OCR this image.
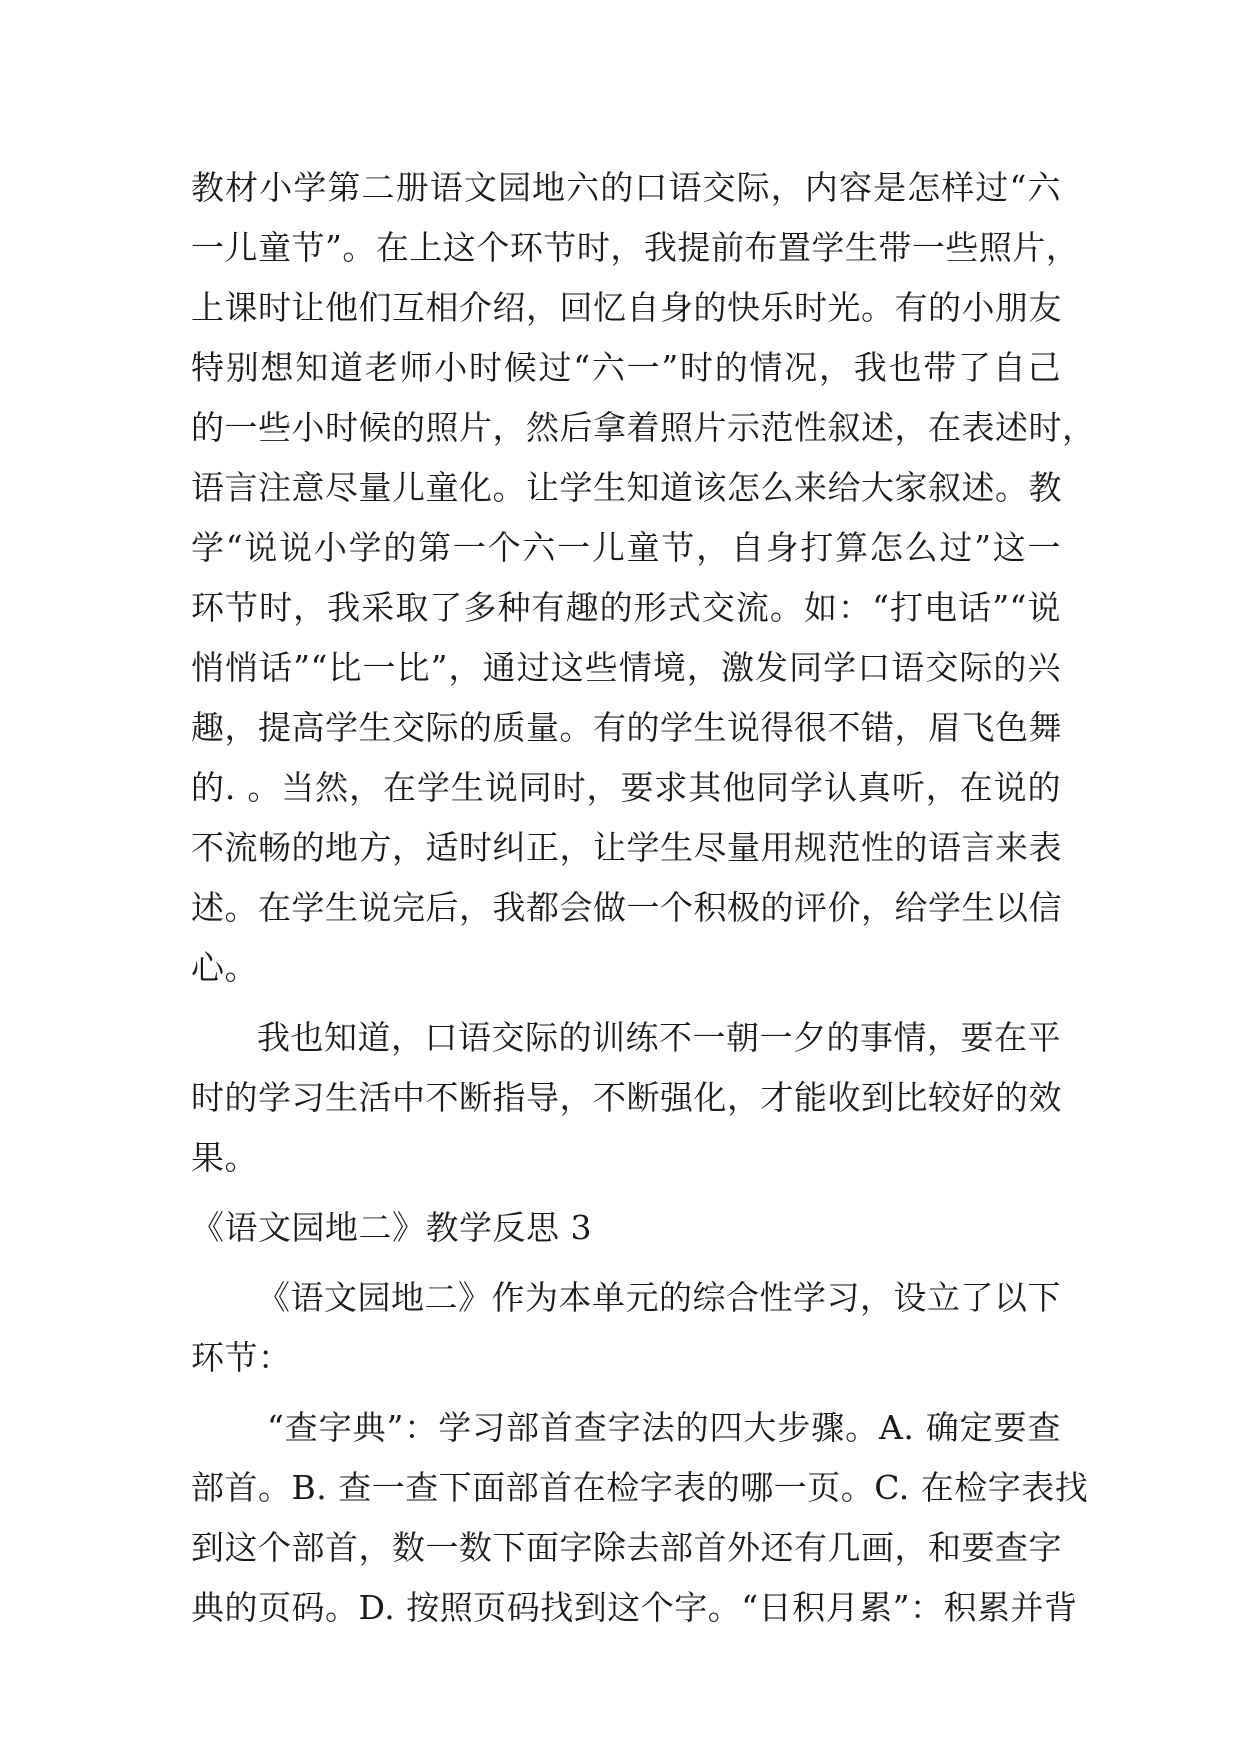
教材小学第二册语文园地六的口语交际，内容是怎样过“六
一儿童节”。在上这个环节时，我提前布置学生带一些照片，
上课时让他们互相介绍，回忆自身的快乐时光。有的小朋友
特别想知道老师小时候过“六一”时的情况，我也带了自己
的一些小时候的照片，然后拿着照片示范性叙述，在表述时，
语言注意尽量儿童化。让学生知道该怎么来给大家叙述。教
学“说说小学的第一个六一儿童节，自身打算怎么过”这一
环节时，我采取了多种有趣的形式交流。如：“打电话”“说
悄悄话”“比一比”，通过这些情境，激发同学口语交际的兴
趣，提高学生交际的质量。有的学生说得很不错，眉飞色舞
的. 。当然，在学生说同时，要求其他同学认真听，在说的
不流畅的地方，适时纠正，让学生尽量用规范性的语言来表
述。在学生说完后，我都会做一个积极的评价，给学生以信
心。
我也知道，口语交际的训练不一朝一夕的事情，要在平
时的学习生活中不断指导，不断强化，才能收到比较好的效
果。
《语文园地二》教学反思 3
《语文园地二》作为本单元的综合性学习，设立了以下
环节：
“查字典”：学习部首查字法的四大步骤。A. 确定要查
部首。B. 查一查下面部首在检字表的哪一页。C. 在检字表找
到这个部首，数一数下面字除去部首外还有几画，和要查字
典的页码。D. 按照页码找到这个字。“日积月累”：积累并背
